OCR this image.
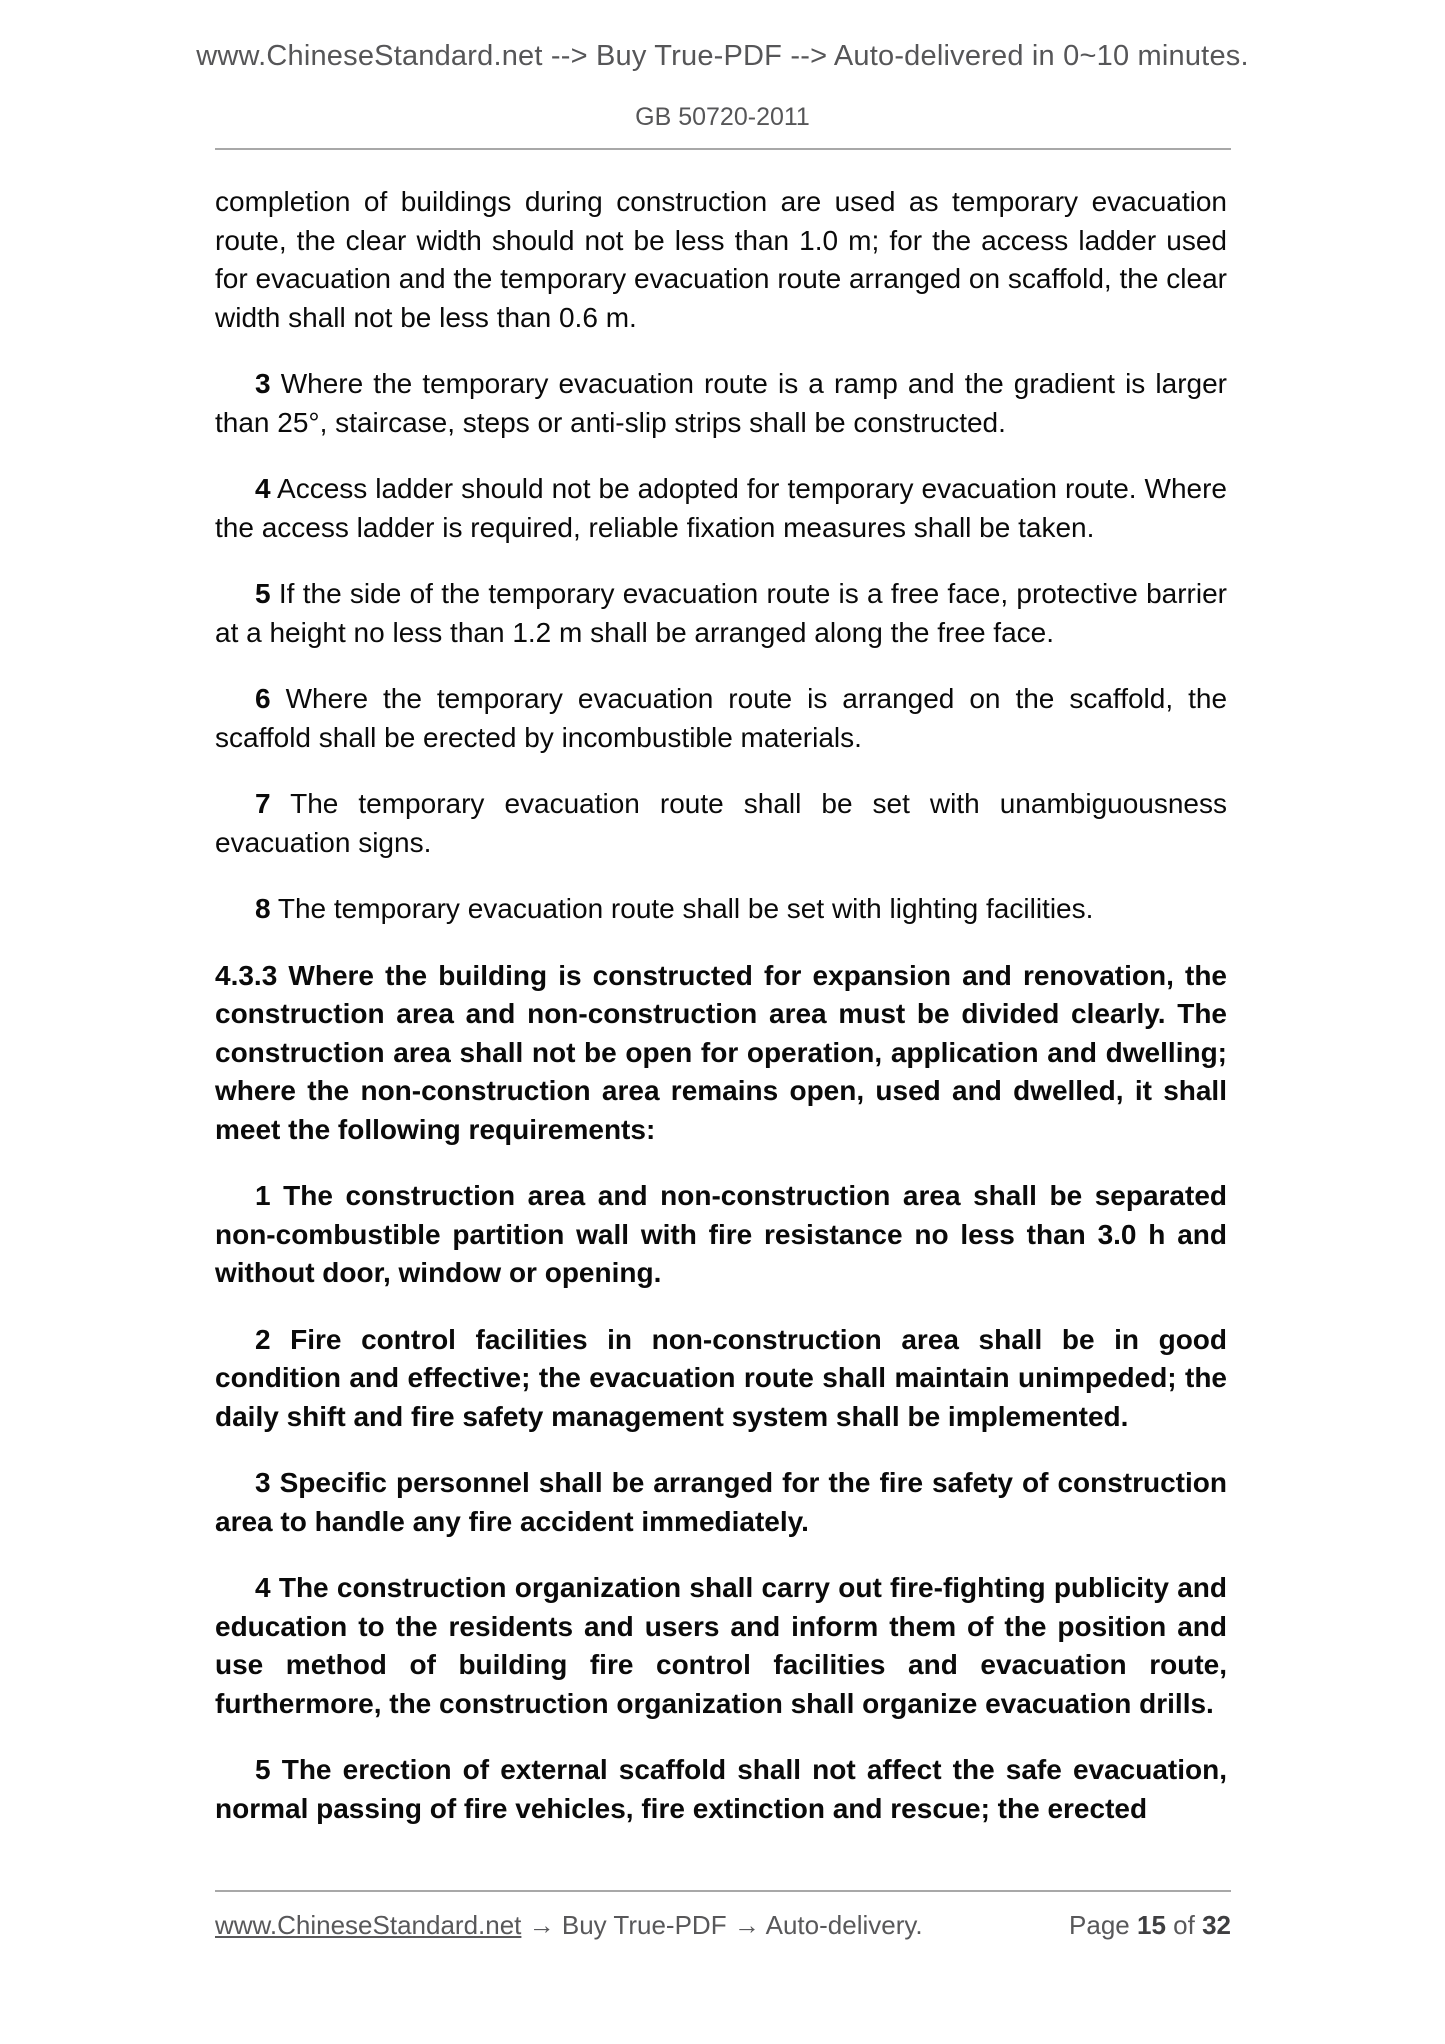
www.ChineseStandard.net --> Buy True-PDF --> Auto-delivered in 0~10 minutes.
GB 50720-2011

completion of buildings during construction are used as temporary evacuation route, the clear width should not be less than 1.0 m; for the access ladder used for evacuation and the temporary evacuation route arranged on scaffold, the clear width shall not be less than 0.6 m.

3 Where the temporary evacuation route is a ramp and the gradient is larger than 25°, staircase, steps or anti-slip strips shall be constructed.

4 Access ladder should not be adopted for temporary evacuation route. Where the access ladder is required, reliable fixation measures shall be taken.

5 If the side of the temporary evacuation route is a free face, protective barrier at a height no less than 1.2 m shall be arranged along the free face.

6 Where the temporary evacuation route is arranged on the scaffold, the scaffold shall be erected by incombustible materials.

7 The temporary evacuation route shall be set with unambiguousness evacuation signs.

8 The temporary evacuation route shall be set with lighting facilities.

4.3.3 Where the building is constructed for expansion and renovation, the construction area and non-construction area must be divided clearly. The construction area shall not be open for operation, application and dwelling; where the non-construction area remains open, used and dwelled, it shall meet the following requirements:

1 The construction area and non-construction area shall be separated non-combustible partition wall with fire resistance no less than 3.0 h and without door, window or opening.

2 Fire control facilities in non-construction area shall be in good condition and effective; the evacuation route shall maintain unimpeded; the daily shift and fire safety management system shall be implemented.

3 Specific personnel shall be arranged for the fire safety of construction area to handle any fire accident immediately.

4 The construction organization shall carry out fire-fighting publicity and education to the residents and users and inform them of the position and use method of building fire control facilities and evacuation route, furthermore, the construction organization shall organize evacuation drills.

5 The erection of external scaffold shall not affect the safe evacuation, normal passing of fire vehicles, fire extinction and rescue; the erected

www.ChineseStandard.net → Buy True-PDF → Auto-delivery.	Page 15 of 32
